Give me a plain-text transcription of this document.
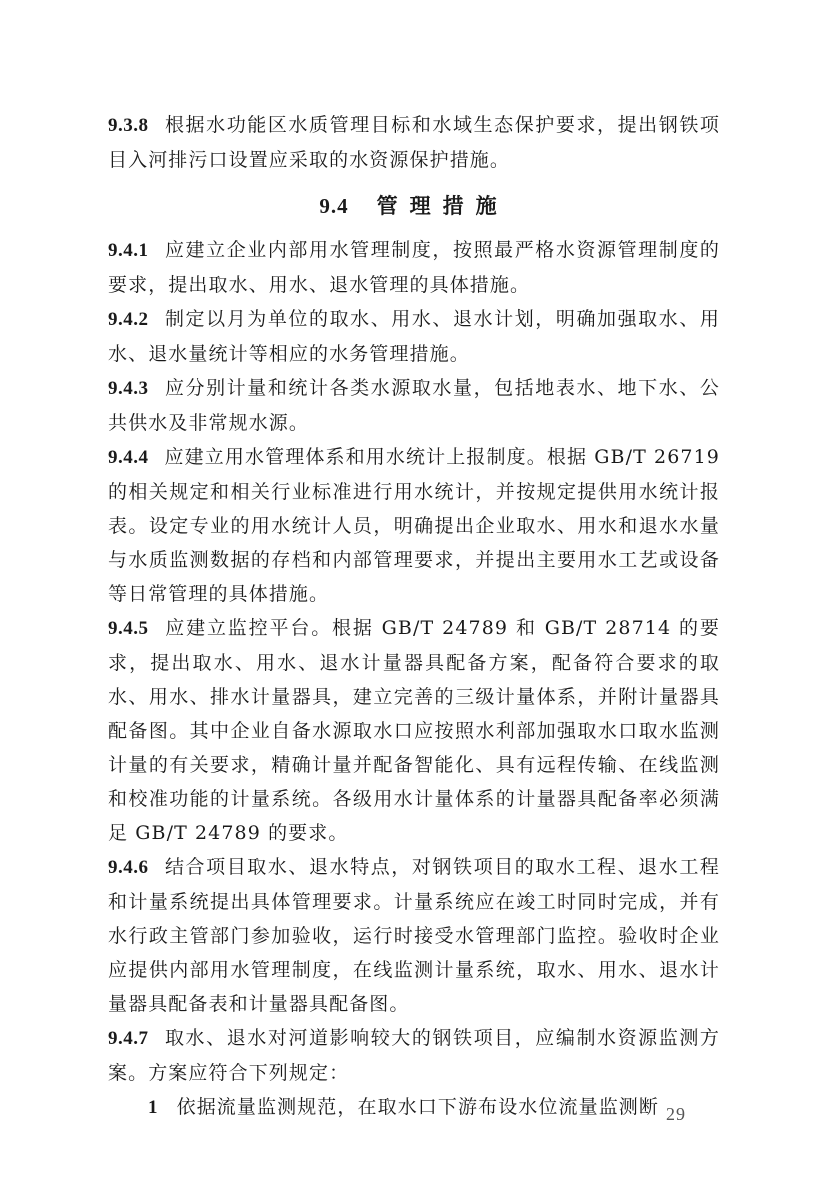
9.3.8 根据水功能区水质管理目标和水域生态保护要求，提出钢铁项目入河排污口设置应采取的水资源保护措施。

9.4 管理措施

9.4.1 应建立企业内部用水管理制度，按照最严格水资源管理制度的要求，提出取水、用水、退水管理的具体措施。

9.4.2 制定以月为单位的取水、用水、退水计划，明确加强取水、用水、退水量统计等相应的水务管理措施。

9.4.3 应分别计量和统计各类水源取水量，包括地表水、地下水、公共供水及非常规水源。

9.4.4 应建立用水管理体系和用水统计上报制度。根据 GB/T 26719 的相关规定和相关行业标准进行用水统计，并按规定提供用水统计报表。设定专业的用水统计人员，明确提出企业取水、用水和退水水量与水质监测数据的存档和内部管理要求，并提出主要用水工艺或设备等日常管理的具体措施。

9.4.5 应建立监控平台。根据 GB/T 24789 和 GB/T 28714 的要求，提出取水、用水、退水计量器具配备方案，配备符合要求的取水、用水、排水计量器具，建立完善的三级计量体系，并附计量器具配备图。其中企业自备水源取水口应按照水利部加强取水口取水监测计量的有关要求，精确计量并配备智能化、具有远程传输、在线监测和校准功能的计量系统。各级用水计量体系的计量器具配备率必须满足 GB/T 24789 的要求。

9.4.6 结合项目取水、退水特点，对钢铁项目的取水工程、退水工程和计量系统提出具体管理要求。计量系统应在竣工时同时完成，并有水行政主管部门参加验收，运行时接受水管理部门监控。验收时企业应提供内部用水管理制度，在线监测计量系统，取水、用水、退水计量器具配备表和计量器具配备图。

9.4.7 取水、退水对河道影响较大的钢铁项目，应编制水资源监测方案。方案应符合下列规定：

1 依据流量监测规范，在取水口下游布设水位流量监测断 29
